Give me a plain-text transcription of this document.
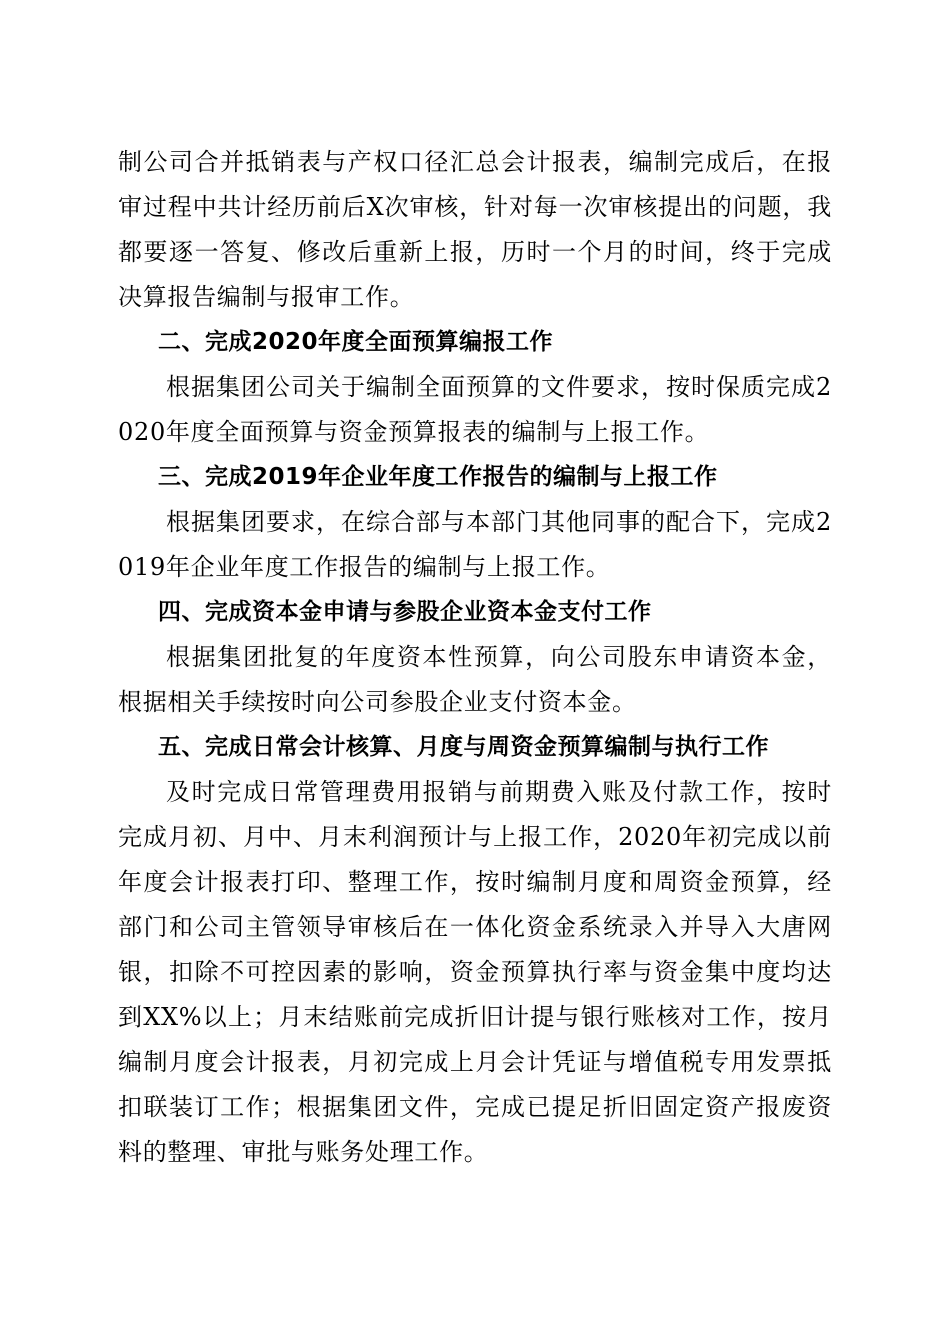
制公司合并抵销表与产权口径汇总会计报表，编制完成后，在报审过程中共计经历前后X次审核，针对每一次审核提出的问题，我都要逐一答复、修改后重新上报，历时一个月的时间，终于完成决算报告编制与报审工作。

二、完成2020年度全面预算编报工作

根据集团公司关于编制全面预算的文件要求，按时保质完成2020年度全面预算与资金预算报表的编制与上报工作。

三、完成2019年企业年度工作报告的编制与上报工作

根据集团要求，在综合部与本部门其他同事的配合下，完成2019年企业年度工作报告的编制与上报工作。

四、完成资本金申请与参股企业资本金支付工作

根据集团批复的年度资本性预算，向公司股东申请资本金，根据相关手续按时向公司参股企业支付资本金。

五、完成日常会计核算、月度与周资金预算编制与执行工作

及时完成日常管理费用报销与前期费入账及付款工作，按时完成月初、月中、月末利润预计与上报工作，2020年初完成以前年度会计报表打印、整理工作，按时编制月度和周资金预算，经部门和公司主管领导审核后在一体化资金系统录入并导入大唐网银，扣除不可控因素的影响，资金预算执行率与资金集中度均达到XX%以上；月末结账前完成折旧计提与银行账核对工作，按月编制月度会计报表，月初完成上月会计凭证与增值税专用发票抵扣联装订工作；根据集团文件，完成已提足折旧固定资产报废资料的整理、审批与账务处理工作。
